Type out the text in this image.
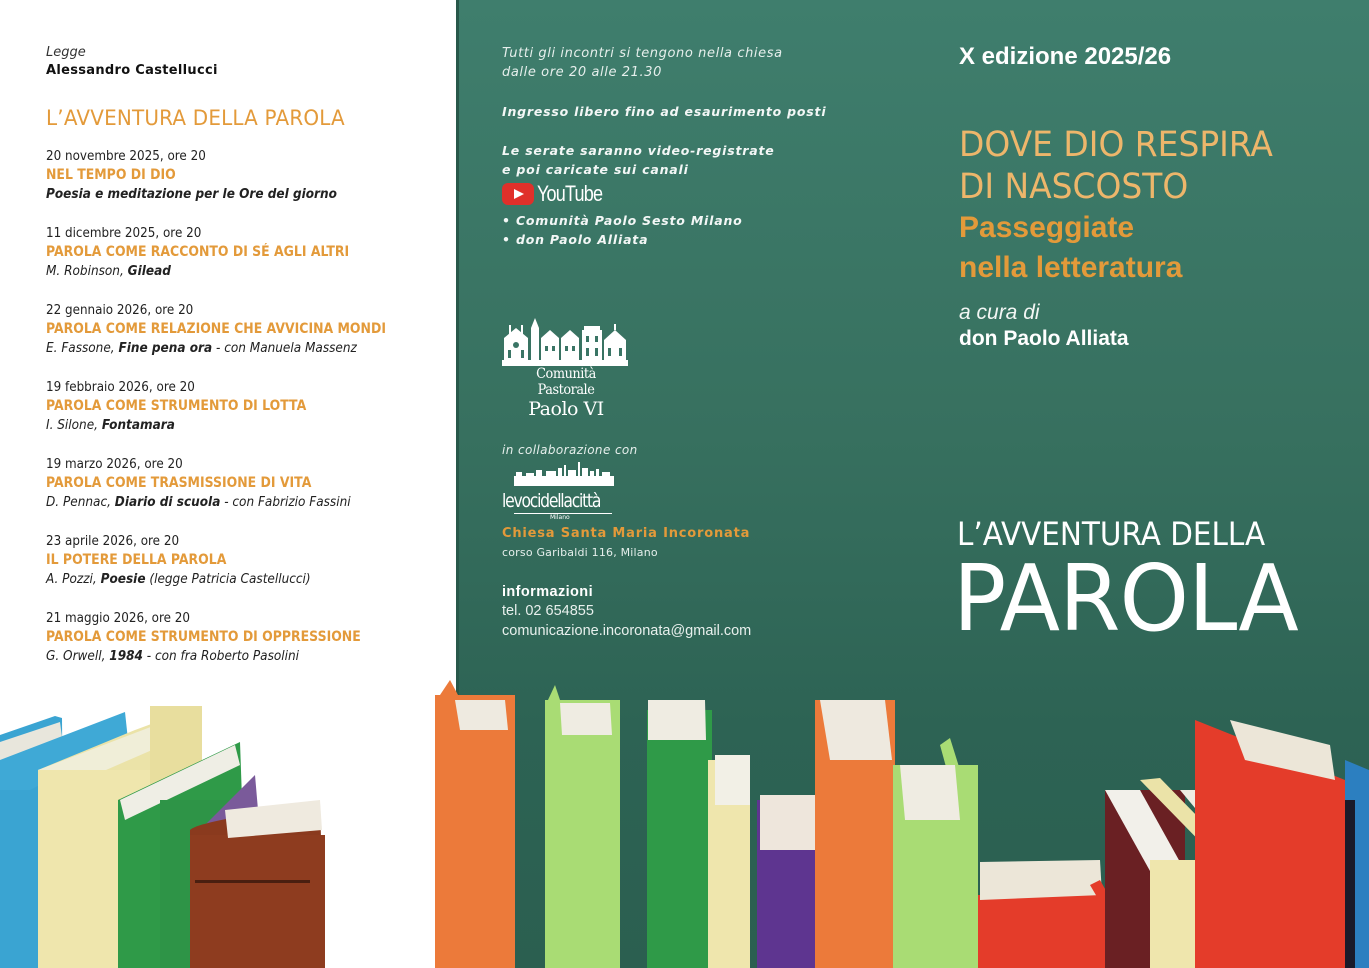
Legge
Alessandro Castellucci
L’AVVENTURA DELLA PAROLA
20 novembre 2025, ore 20
NEL TEMPO DI DIO
Poesia e meditazione per le Ore del giorno
11 dicembre 2025, ore 20
PAROLA COME RACCONTO DI SÉ AGLI ALTRI
M. Robinson, Gilead
22 gennaio 2026, ore 20
PAROLA COME RELAZIONE CHE AVVICINA MONDI
E. Fassone, Fine pena ora - con Manuela Massenz
19 febbraio 2026, ore 20
PAROLA COME STRUMENTO DI LOTTA
I. Silone, Fontamara
19 marzo 2026, ore 20
PAROLA COME TRASMISSIONE DI VITA
D. Pennac, Diario di scuola - con Fabrizio Fassini
23 aprile 2026, ore 20
IL POTERE DELLA PAROLA
A. Pozzi, Poesie (legge Patricia Castellucci)
21 maggio 2026, ore 20
PAROLA COME STRUMENTO DI OPPRESSIONE
G. Orwell, 1984 - con fra Roberto Pasolini
Tutti gli incontri si tengono nella chiesa
dalle ore 20 alle 21.30
Ingresso libero fino ad esaurimento posti
Le serate saranno video-registrate
e poi caricate sui canali
YouTube
• Comunità Paolo Sesto Milano
• don Paolo Alliata
Comunità Pastorale
Paolo VI
in collaborazione con
levocidellacittà
Milano
Chiesa Santa Maria Incoronata
corso Garibaldi 116, Milano
informazioni
tel. 02 654855
comunicazione.incoronata@gmail.com
X edizione 2025/26
DOVE DIO RESPIRA
DI NASCOSTO
Passeggiate
nella letteratura
a cura di
don Paolo Alliata
L’AVVENTURA DELLA
PAROLA
